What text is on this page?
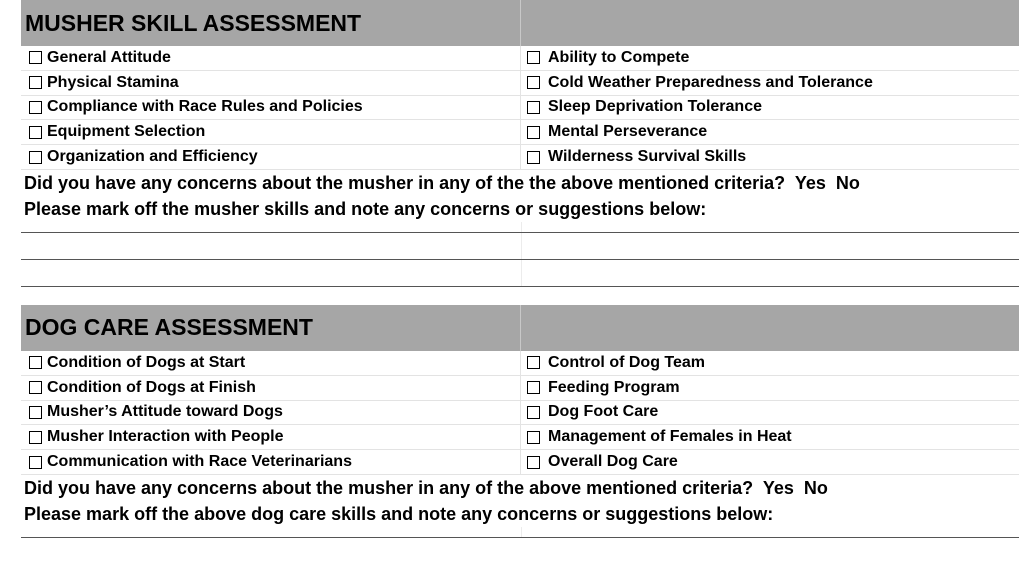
MUSHER SKILL ASSESSMENT
General Attitude	Ability to Compete
Physical Stamina	Cold Weather Preparedness and Tolerance
Compliance with Race Rules and Policies	Sleep Deprivation Tolerance
Equipment Selection	Mental Perseverance
Organization and Efficiency	Wilderness Survival Skills
Did you have any concerns about the musher in any of the the above mentioned criteria? Yes No
Please mark off the musher skills and note any concerns or suggestions below:
DOG CARE ASSESSMENT
Condition of Dogs at Start	Control of Dog Team
Condition of Dogs at Finish	Feeding Program
Musher’s Attitude toward Dogs	Dog Foot Care
Musher Interaction with People	Management of Females in Heat
Communication with Race Veterinarians	Overall Dog Care
Did you have any concerns about the musher in any of the above mentioned criteria? Yes No
Please mark off the above dog care skills and note any concerns or suggestions below:
